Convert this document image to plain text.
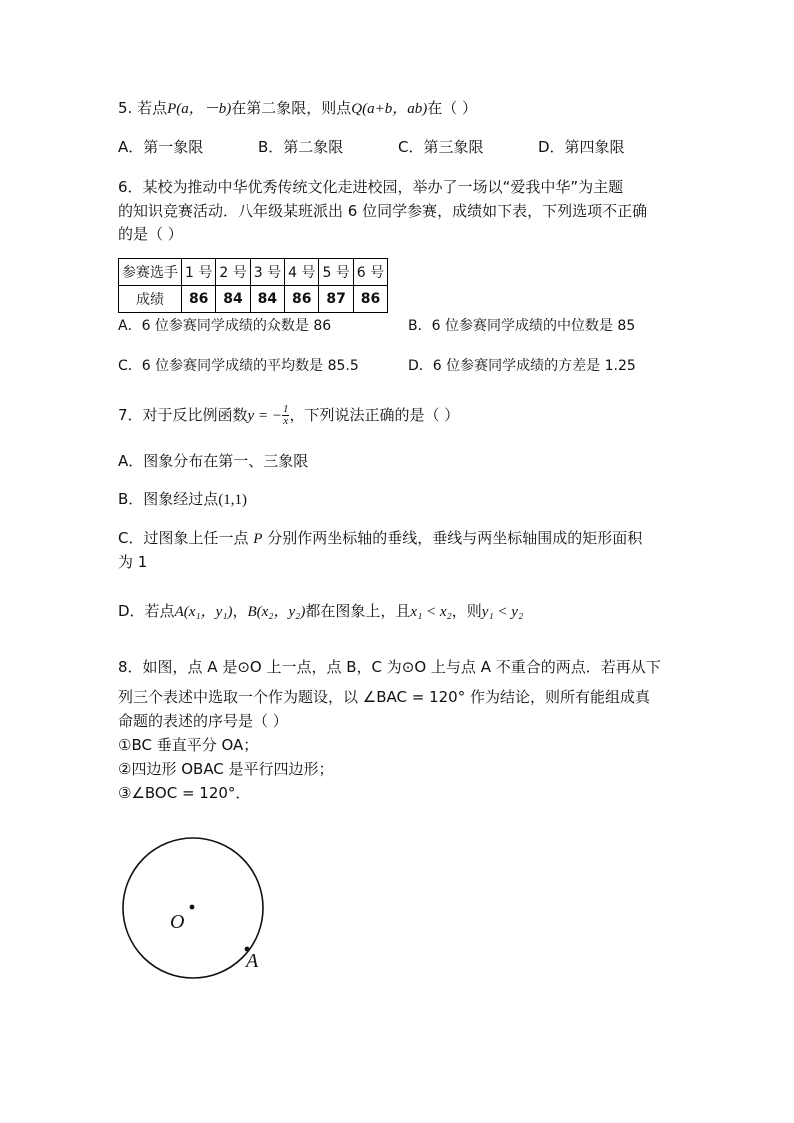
5. 若点P(a，－b)在第二象限，则点Q(a+b，ab)在（ ）
A．第一象限	B．第二象限	C．第三象限	D．第四象限
6．某校为推动中华优秀传统文化走进校园，举办了一场以“爱我中华”为主题
的知识竞赛活动．八年级某班派出 6 位同学参赛，成绩如下表，下列选项不正确
的是（ ）
参赛选手	1 号	2 号	3 号	4 号	5 号	6 号
成绩	86	84	84	86	87	86
A．6 位参赛同学成绩的众数是 86	B．6 位参赛同学成绩的中位数是 85
C．6 位参赛同学成绩的平均数是 85.5	D．6 位参赛同学成绩的方差是 1.25
7．对于反比例函数y = − $\frac{1}{x}$ ，下列说法正确的是（ ）
A．图象分布在第一、三象限
B．图象经过点(1,1)
C．过图象上任一点 P 分别作两坐标轴的垂线，垂线与两坐标轴围成的矩形面积
为 1
D．若点A(x₁，y₁)，B(x₂，y₂)都在图象上，且x₁ < x₂，则y₁ < y₂
8．如图，点 A 是⊙O 上一点，点 B，C 为⊙O 上与点 A 不重合的两点．若再从下
列三个表述中选取一个作为题设，以 ∠BAC = 120° 作为结论，则所有能组成真
命题的表述的序号是（ ）
①BC 垂直平分 OA；
②四边形 OBAC 是平行四边形；
③∠BOC = 120°．
O
A
